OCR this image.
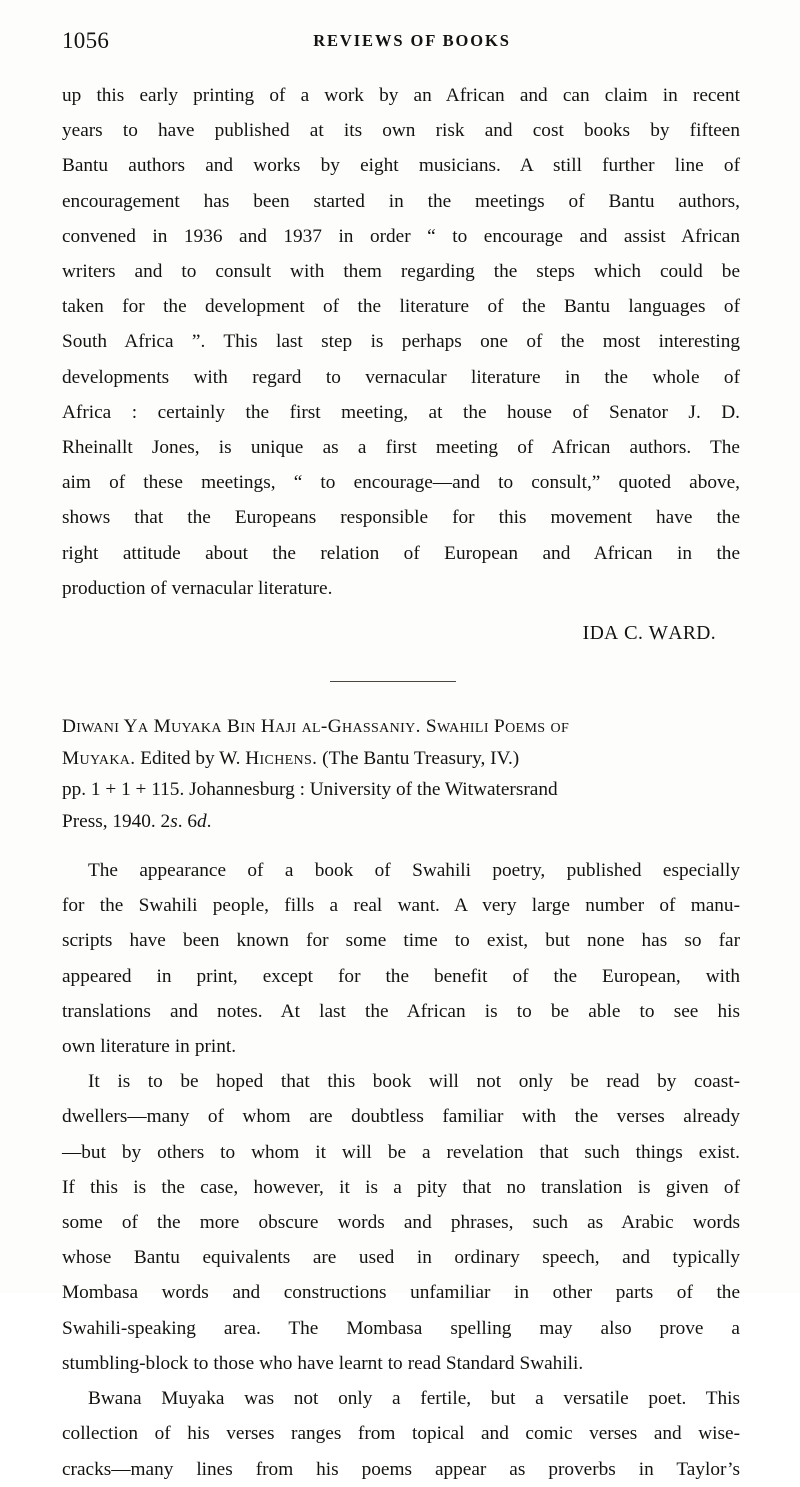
1056	REVIEWS OF BOOKS

up this early printing of a work by an African and can claim in recent
years to have published at its own risk and cost books by fifteen
Bantu authors and works by eight musicians. A still further line of
encouragement has been started in the meetings of Bantu authors,
convened in 1936 and 1937 in order “ to encourage and assist African
writers and to consult with them regarding the steps which could be
taken for the development of the literature of the Bantu languages of
South Africa ”. This last step is perhaps one of the most interesting
developments with regard to vernacular literature in the whole of
Africa : certainly the first meeting, at the house of Senator J. D.
Rheinallt Jones, is unique as a first meeting of African authors. The
aim of these meetings, “ to encourage—and to consult,” quoted above,
shows that the Europeans responsible for this movement have the
right attitude about the relation of European and African in the
production of vernacular literature.

IDA C. WARD.
Diwani Ya Muyaka Bin Haji al-Ghassaniy. Swahili Poems of
Muyaka. Edited by W. Hichens. (The Bantu Treasury, IV.)
pp. 1 + 1 + 115. Johannesburg : University of the Witwatersrand
Press, 1940. 2s. 6d.

The appearance of a book of Swahili poetry, published especially
for the Swahili people, fills a real want. A very large number of manu-
scripts have been known for some time to exist, but none has so far
appeared in print, except for the benefit of the European, with
translations and notes. At last the African is to be able to see his
own literature in print.

It is to be hoped that this book will not only be read by coast-
dwellers—many of whom are doubtless familiar with the verses already
—but by others to whom it will be a revelation that such things exist.
If this is the case, however, it is a pity that no translation is given of
some of the more obscure words and phrases, such as Arabic words
whose Bantu equivalents are used in ordinary speech, and typically
Mombasa words and constructions unfamiliar in other parts of the
Swahili-speaking area. The Mombasa spelling may also prove a
stumbling-block to those who have learnt to read Standard Swahili.

Bwana Muyaka was not only a fertile, but a versatile poet. This
collection of his verses ranges from topical and comic verses and wise-
cracks—many lines from his poems appear as proverbs in Taylor’s
